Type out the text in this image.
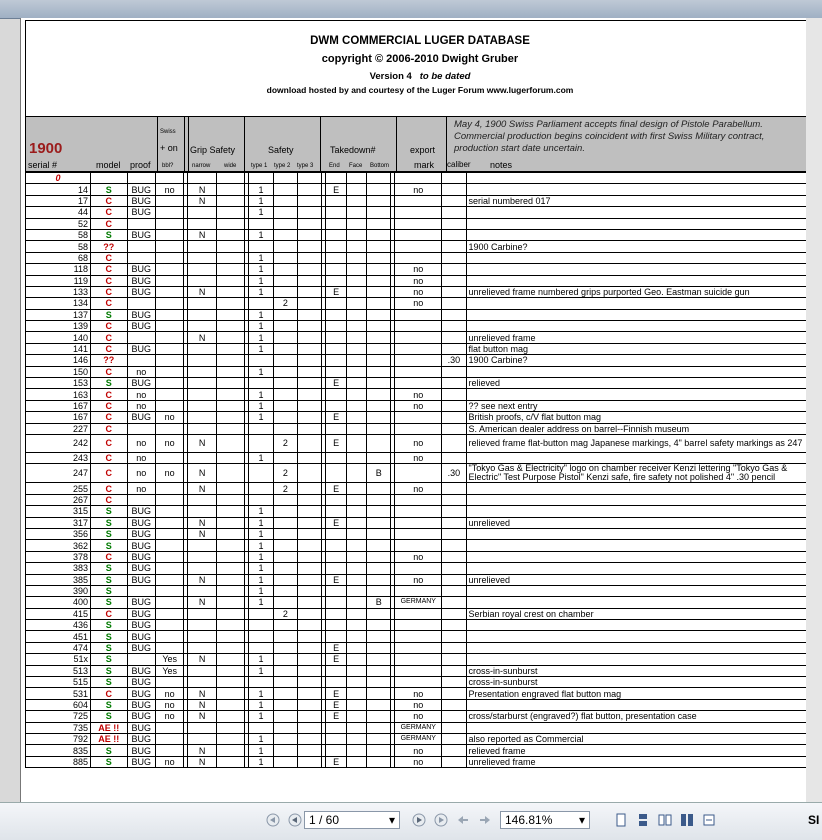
DWM COMMERCIAL LUGER DATABASE
copyright © 2006-2010 Dwight Gruber
Version 4 to be dated
download hosted by and courtesy of the Luger Forum www.lugerforum.com
1900
May 4, 1900 Swiss Parliament accepts final design of Pistole Parabellum. Commercial production begins coincident with first Swiss Military contract, production start date uncertain.
Swiss
+ on
bbl?
Grip Safety	Safety	Takedown#	export
serial #	model proof	narrow wide type 1 type 2 type 3	End Face Bottom	mark caliber notes
0																		
14	S	BUG	no		N			1				E				no		
17	C	BUG			N			1										serial numbered 017
44	C	BUG						1										
52	C																	
58	S	BUG			N			1										
58	??																	1900 Carbine?
68	C							1										
118	C	BUG						1								no		
119	C	BUG						1								no		
133	C	BUG			N			1				E				no		unrelieved frame numbered grips purported Geo. Eastman suicide gun
134	C								2							no		
137	S	BUG						1										
139	C	BUG						1										
140	C				N			1										unrelieved frame
141	C	BUG						1										flat button mag
146	??																.30	1900 Carbine?
150	C	no						1										
153	S	BUG										E						relieved
163	C	no						1								no		
167	C	no						1								no		?? see next entry
167	C	BUG	no					1				E						British proofs, c/V flat button mag
227	C																	S. American dealer address on barrel--Finnish museum
242	C	no	no		N				2			E				no		relieved frame flat-button mag Japanese markings, 4" barrel safety markings as 247
243	C	no						1								no		
247	C	no	no		N				2					B			.30	"Tokyo Gas & Electricity" logo on chamber receiver Kenzi lettering "Tokyo Gas & Electric" Test Purpose Pistol" Kenzi safe, fire safety not polished 4" .30 pencil
255	C	no			N				2			E				no		
267	C																	
315	S	BUG						1										
317	S	BUG			N			1				E						unrelieved
356	S	BUG			N			1										
362	S	BUG						1										
378	C	BUG						1								no		
383	S	BUG						1										
385	S	BUG			N			1				E				no		unrelieved
390	S							1										
400	S	BUG			N			1						B		GERMANY		
415	C	BUG							2									Serbian royal crest on chamber
436	S	BUG																
451	S	BUG																
474	S	BUG										E						
51x	S		Yes		N			1				E						
513	S	BUG	Yes					1										cross-in-sunburst
515	S	BUG																cross-in-sunburst
531	C	BUG	no		N			1				E				no		Presentation engraved flat button mag
604	S	BUG	no		N			1				E				no		
725	S	BUG	no		N			1				E				no		cross/starburst (engraved?) flat button, presentation case
735	AE !!	BUG														GERMANY		
792	AE !!	BUG						1								GERMANY		also reported as Commercial
835	S	BUG			N			1								no		relieved frame
885	S	BUG	no		N			1				E				no		unrelieved frame
1 / 60	▾	146.81% ▾	SI
